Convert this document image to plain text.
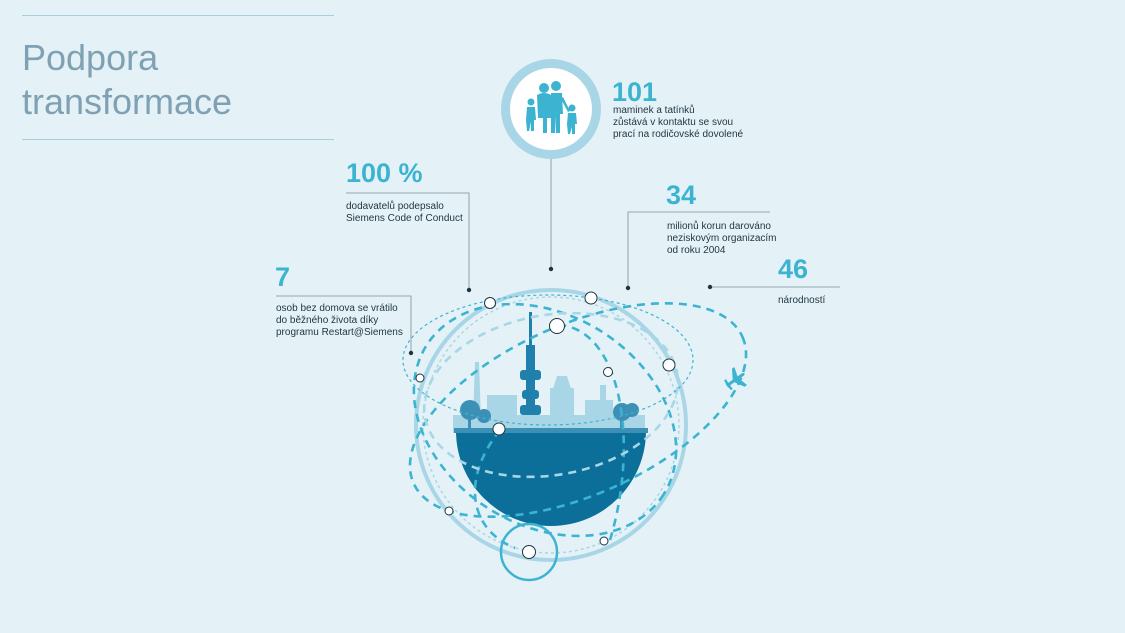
Podpora
transformace	101
maminek a tatínků
zůstává v kontaktu se svou
prací na rodičovské dovolené
100 %
dodavatelů podepsalo
Siemens Code of Conduct
34
milionů korun darováno
neziskovým organizacím
od roku 2004
46
národností
7
osob bez domova se vrátilo
do běžného života díky
programu Restart@Siemens
